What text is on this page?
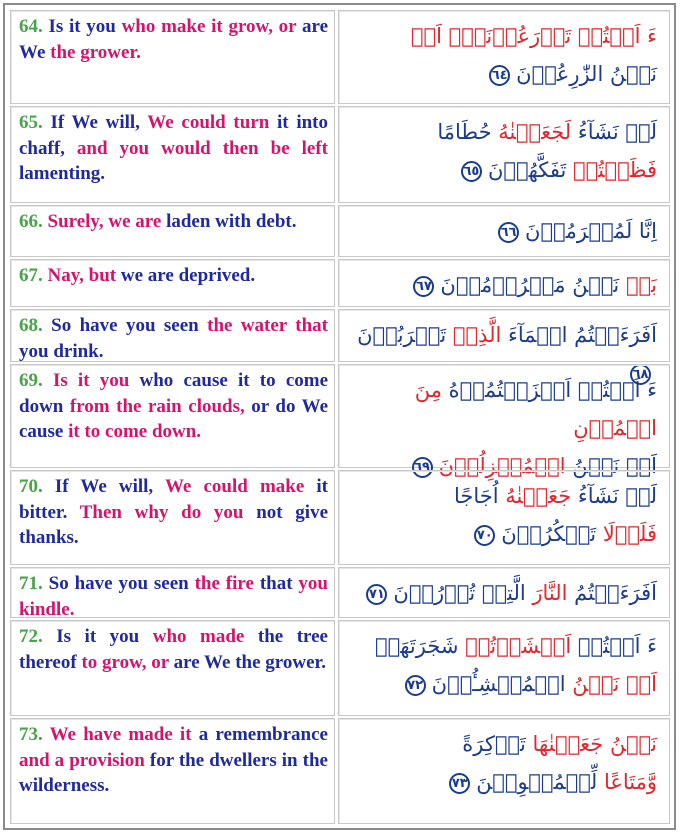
64. Is it you who make it grow, or are We the grower.

ءَ اَنۡتُمۡ تَزۡرَعُوۡنَهٗۤ اَمۡ

نَحۡنُ الزّٰرِعُوۡنَ٦٤

65. If We will, We could turn it into chaff, and you would then be left lamenting.

لَوۡ نَشَآءُ لَجَعَلۡنٰهُ حُطَامًا

فَظَلۡتُمۡ تَفَكَّهُوۡنَ٦٥

66. Surely, we are laden with debt.	اِنَّا لَمُغۡرَمُوۡنَ٦٦

67. Nay, but we are deprived.	بَلۡ نَحۡنُ مَحۡرُوۡمُوۡنَ٦٧

68. So have you seen the water that you drink.

اَفَرَءَيۡتُمُ الۡمَآءَ الَّذِىۡ تَشۡرَبُوۡنَ٦٨

69. Is it you who cause it to come down from the rain clouds, or do We cause it to come down.

ءَ اَنۡتُمۡ اَنۡزَلۡتُمُوۡهُ مِنَ الۡمُزۡنِ

اَمۡ نَحۡنُ الۡمُنۡزِلُوۡنَ٦٩

70. If We will, We could make it bitter. Then why do you not give thanks.

لَوۡ نَشَآءُ جَعَلۡنٰهُ اُجَاجًا

فَلَوۡلَا تَشۡكُرُوۡنَ٧٠

71. So have you seen the fire that you kindle.

اَفَرَءَيۡتُمُ النَّارَ الَّتِىۡ تُوۡرُوۡنَ٧١

72. Is it you who made the tree thereof to grow, or are We the grower.

ءَ اَنۡتُمۡ اَنۡشَاۡتُمۡ شَجَرَتَهَاۤ

اَمۡ نَحۡنُ الۡمُنۡشِـُٔوۡنَ٧٢

73. We have made it a remembrance and a provision for the dwellers in the wilderness.

نَحۡنُ جَعَلۡنٰهَا تَذۡكِرَةً

وَّمَتَاعًا لِّلۡمُقۡوِيۡنَ٧٣
